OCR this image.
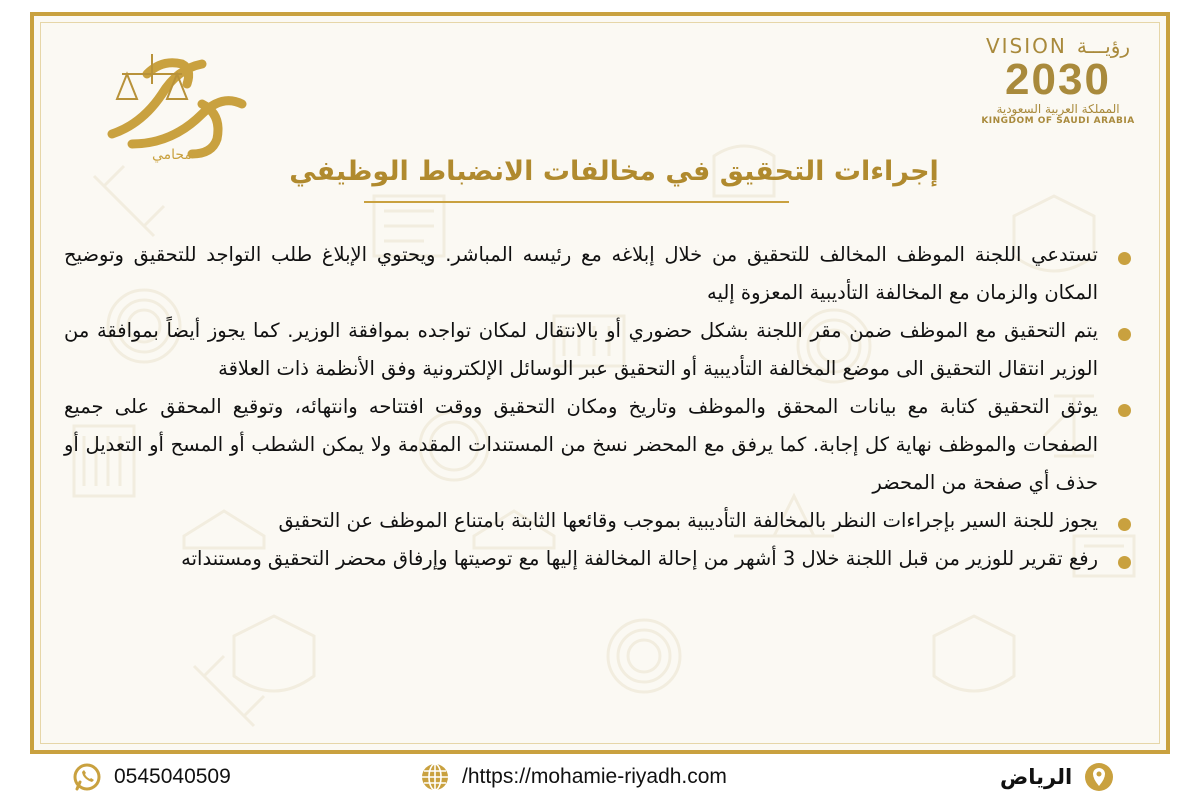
محامي
VISION رؤيـــة
2030
المملكة العربية السعودية
KINGDOM OF SAUDI ARABIA
إجراءات التحقيق في مخالفات الانضباط الوظيفي

تستدعي اللجنة الموظف المخالف للتحقيق من خلال إبلاغه مع رئيسه المباشر. ويحتوي الإبلاغ طلب التواجد للتحقيق وتوضيح المكان والزمان مع المخالفة التأديبية المعزوة إليه

يتم التحقيق مع الموظف ضمن مقر اللجنة بشكل حضوري أو بالانتقال لمكان تواجده بموافقة الوزير. كما يجوز أيضاً بموافقة من الوزير انتقال التحقيق الى موضع المخالفة التأديبية أو التحقيق عبر الوسائل الإلكترونية وفق الأنظمة ذات العلاقة

يوثق التحقيق كتابة مع بيانات المحقق والموظف وتاريخ ومكان التحقيق ووقت افتتاحه وانتهائه، وتوقيع المحقق على جميع الصفحات والموظف نهاية كل إجابة. كما يرفق مع المحضر نسخ من المستندات المقدمة ولا يمكن الشطب أو المسح أو التعديل أو حذف أي صفحة من المحضر

يجوز للجنة السير بإجراءات النظر بالمخالفة التأديبية بموجب وقائعها الثابتة بامتناع الموظف عن التحقيق

رفع تقرير للوزير من قبل اللجنة خلال 3 أشهر من إحالة المخالفة إليها مع توصيتها وإرفاق محضر التحقيق ومستنداته

0545040509	/https://mohamie-riyadh.com	الرياض
